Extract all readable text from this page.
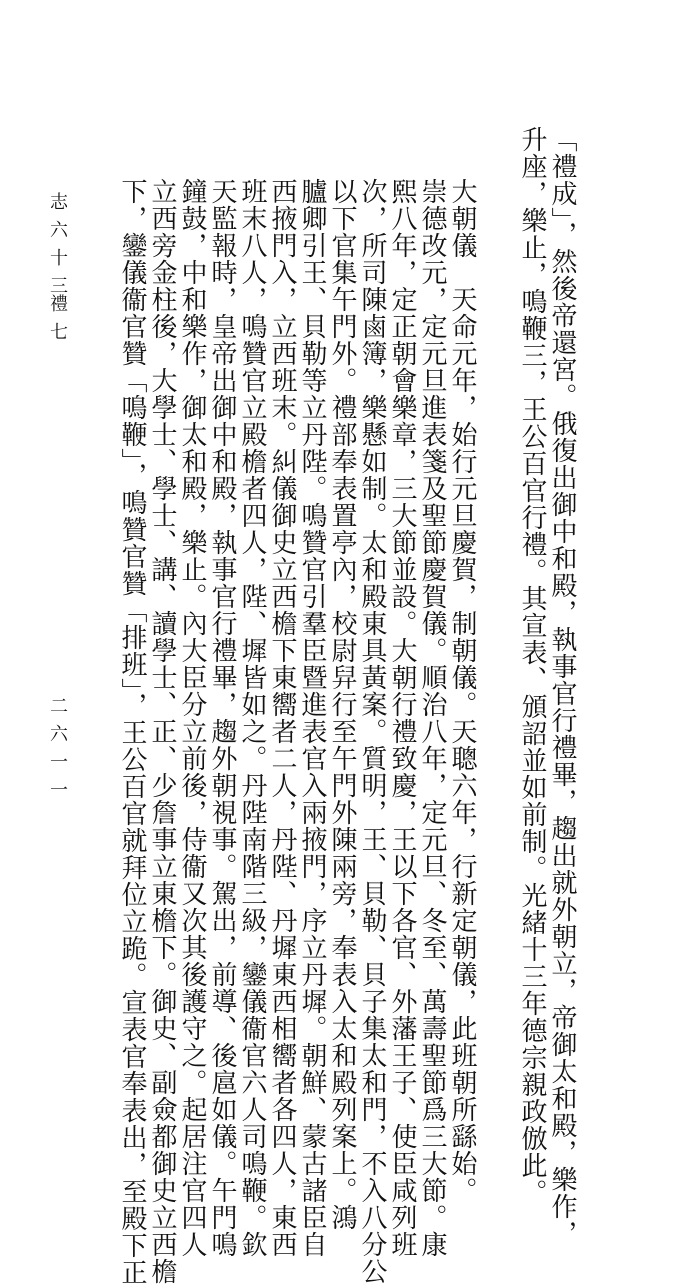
「禮成」，然後帝還宮。俄復出御中和殿，執事官行禮畢，趨出就外朝立，帝御太和殿，樂作，
升座，樂止，鳴鞭三，王公百官行禮。其宣表、頒詔並如前制。光緒十三年德宗親政倣此。
大朝儀　天命元年，始行元旦慶賀，制朝儀。天聰六年，行新定朝儀，此班朝所繇始。
崇德改元，定元旦進表箋及聖節慶賀儀。順治八年，定元旦、冬至、萬壽聖節爲三大節。康
熙八年，定正朝會樂章，三大節並設。大朝行禮致慶，王以下各官、外藩王子、使臣咸列班
次，所司陳鹵簿，樂懸如制。太和殿東具黃案。質明，王、貝勒、貝子集太和門，不入八分公
以下官集午門外。禮部奉表置亭內，校尉舁行至午門外陳兩旁，奉表入太和殿列案上。鴻
臚卿引王、貝勒等立丹陛。鳴贊官引羣臣暨進表官入兩掖門，序立丹墀。朝鮮、蒙古諸臣自
西掖門入，立西班末。糾儀御史立西檐下東嚮者二人，丹陛、丹墀東西相嚮者各四人，東西
班末八人，鳴贊官立殿檐者四人，陛、墀皆如之。丹陛南階三級，鑾儀衞官六人司鳴鞭。欽
天監報時，皇帝出御中和殿，執事官行禮畢，趨外朝視事。駕出，前導、後扈如儀。午門鳴
鐘鼓，中和樂作，御太和殿，樂止。內大臣分立前後，侍衞又次其後護守之。起居注官四人
立西旁金柱後，大學士、學士、講、讀學士、正、少詹事立東檐下。御史、副僉都御史立西檐
下，鑾儀衞官贊「鳴鞭」，鳴贊官贊「排班」，王公百官就拜位立跪。宣表官奉表出，至殿下正
志六十三
禮七
二六一一
